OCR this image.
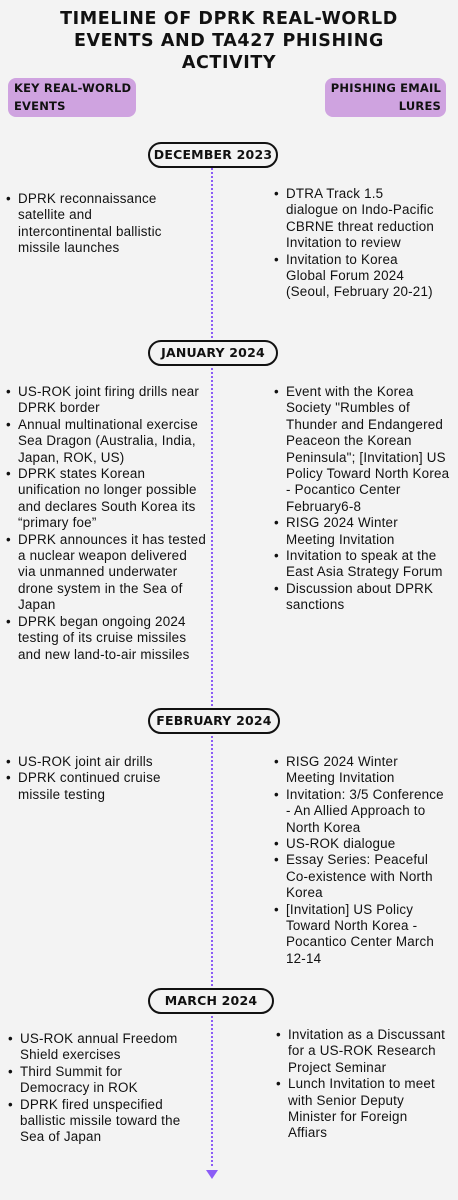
TIMELINE OF DPRK REAL-WORLD
EVENTS AND TA427 PHISHING
ACTIVITY
KEY REAL-WORLD
EVENTS
PHISHING EMAIL
LURES
DECEMBER 2023
• DPRK reconnaissance satellite and intercontinental ballistic missile launches
• DTRA Track 1.5 dialogue on Indo-Pacific CBRNE threat reduction Invitation to review
• Invitation to Korea Global Forum 2024 (Seoul, February 20-21)
JANUARY 2024
• US-ROK joint firing drills near DPRK border
• Annual multinational exercise Sea Dragon (Australia, India, Japan, ROK, US)
• DPRK states Korean unification no longer possible and declares South Korea its “primary foe”
• DPRK announces it has tested a nuclear weapon delivered via unmanned underwater drone system in the Sea of Japan
• DPRK began ongoing 2024 testing of its cruise missiles and new land-to-air missiles
• Event with the Korea Society "Rumbles of Thunder and Endangered Peaceon the Korean Peninsula"; [Invitation] US Policy Toward North Korea - Pocantico Center February6-8
• RISG 2024 Winter Meeting Invitation
• Invitation to speak at the East Asia Strategy Forum
• Discussion about DPRK sanctions
FEBRUARY 2024
• US-ROK joint air drills
• DPRK continued cruise missile testing
• RISG 2024 Winter Meeting Invitation
• Invitation: 3/5 Conference - An Allied Approach to North Korea
• US-ROK dialogue
• Essay Series: Peaceful Co-existence with North Korea
• [Invitation] US Policy Toward North Korea - Pocantico Center March 12-14
MARCH 2024
• US-ROK annual Freedom Shield exercises
• Third Summit for Democracy in ROK
• DPRK fired unspecified ballistic missile toward the Sea of Japan
• Invitation as a Discussant for a US-ROK Research Project Seminar
• Lunch Invitation to meet with Senior Deputy Minister for Foreign Affiars
